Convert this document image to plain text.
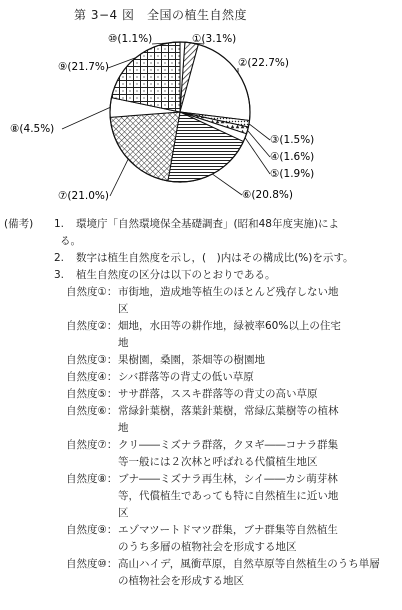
第 3−4 図　全国の植生自然度
①(3.1%)
②(22.7%)
③(1.5%)
④(1.6%)
⑤(1.9%)
⑥(20.8%)
⑦(21.0%)
⑧(4.5%)
⑨(21.7%)
⑩(1.1%)
(備考) 1. 環境庁「自然環境保全基礎調査」(昭和48年度実施)によ
る。
2. 数字は植生自然度を示し，(　)内はその構成比(%)を示す。
3. 植生自然度の区分は以下のとおりである。
自然度①： 市街地，造成地等植生のほとんど残存しない地
区
自然度②： 畑地，水田等の耕作地，緑被率60%以上の住宅
地
自然度③： 果樹園，桑園，茶畑等の樹園地
自然度④： シバ群落等の背丈の低い草原
自然度⑤： ササ群落，ススキ群落等の背丈の高い草原
自然度⑥： 常緑針葉樹，落葉針葉樹，常緑広葉樹等の植林
地
自然度⑦： クリ――ミズナラ群落，クヌギ――コナラ群集
等一般には２次林と呼ばれる代償植生地区
自然度⑧： ブナ――ミズナラ再生林，シイ――カシ萌芽林
等，代償植生であっても特に自然植生に近い地
区
自然度⑨： エゾマツートドマツ群集，ブナ群集等自然植生
のうち多層の植物社会を形成する地区
自然度⑩： 高山ハイデ，風衝草原，自然草原等自然植生のうち単層
の植物社会を形成する地区
